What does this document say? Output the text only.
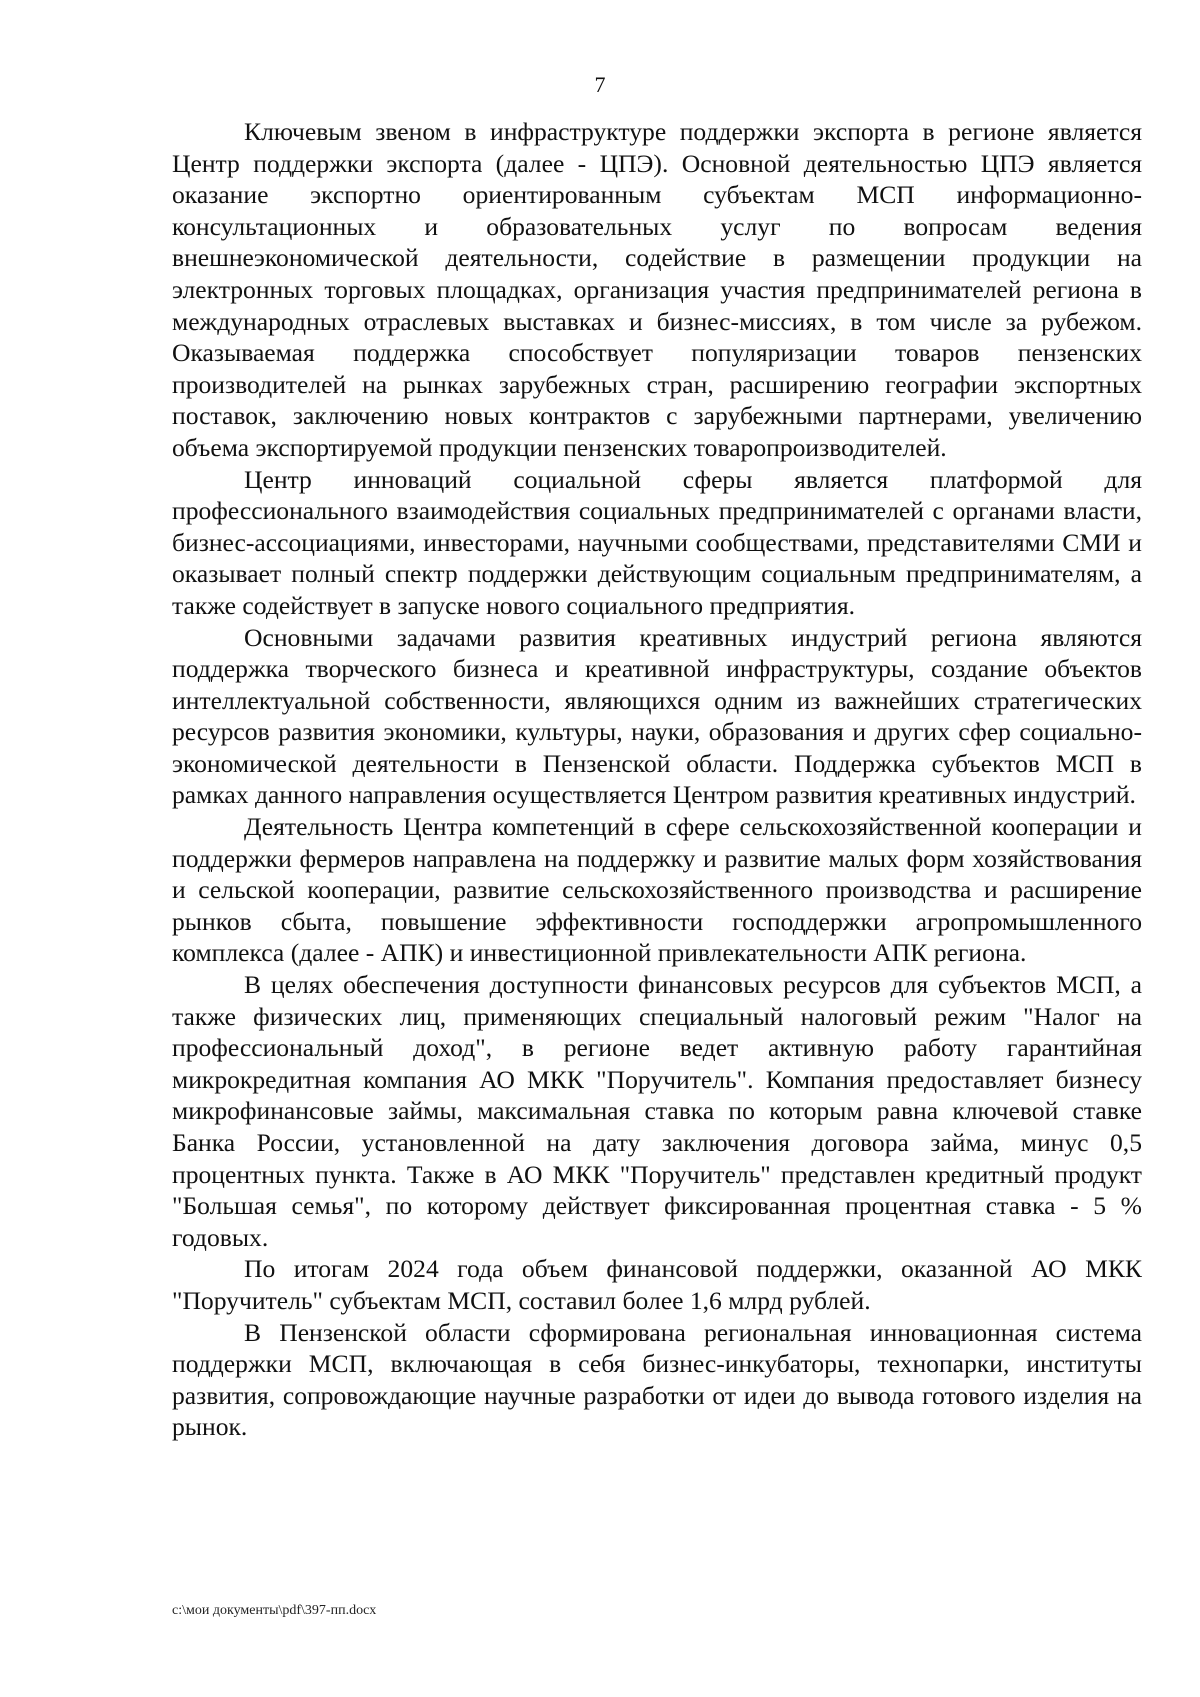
7

Ключевым звеном в инфраструктуре поддержки экспорта в регионе является Центр поддержки экспорта (далее - ЦПЭ). Основной деятельностью ЦПЭ является оказание экспортно ориентированным субъектам МСП информационно-консультационных и образовательных услуг по вопросам ведения внешнеэкономической деятельности, содействие в размещении продукции на электронных торговых площадках, организация участия предпринимателей региона в международных отраслевых выставках и бизнес-миссиях, в том числе за рубежом. Оказываемая поддержка способствует популяризации товаров пензенских производителей на рынках зарубежных стран, расширению географии экспортных поставок, заключению новых контрактов с зарубежными партнерами, увеличению объема экспортируемой продукции пензенских товаропроизводителей.

Центр инноваций социальной сферы является платформой для профессионального взаимодействия социальных предпринимателей с органами власти, бизнес-ассоциациями, инвесторами, научными сообществами, представителями СМИ и оказывает полный спектр поддержки действующим социальным предпринимателям, а также содействует в запуске нового социального предприятия.

Основными задачами развития креативных индустрий региона являются поддержка творческого бизнеса и креативной инфраструктуры, создание объектов интеллектуальной собственности, являющихся одним из важнейших стратегических ресурсов развития экономики, культуры, науки, образования и других сфер социально-экономической деятельности в Пензенской области. Поддержка субъектов МСП в рамках данного направления осуществляется Центром развития креативных индустрий.

Деятельность Центра компетенций в сфере сельскохозяйственной кооперации и поддержки фермеров направлена на поддержку и развитие малых форм хозяйствования и сельской кооперации, развитие сельскохозяйственного производства и расширение рынков сбыта, повышение эффективности господдержки агропромышленного комплекса (далее - АПК) и инвестиционной привлекательности АПК региона.

В целях обеспечения доступности финансовых ресурсов для субъектов МСП, а также физических лиц, применяющих специальный налоговый режим "Налог на профессиональный доход", в регионе ведет активную работу гарантийная микрокредитная компания АО МКК "Поручитель". Компания предоставляет бизнесу микрофинансовые займы, максимальная ставка по которым равна ключевой ставке Банка России, установленной на дату заключения договора займа, минус 0,5 процентных пункта. Также в АО МКК "Поручитель" представлен кредитный продукт "Большая семья", по которому действует фиксированная процентная ставка - 5 % годовых.

По итогам 2024 года объем финансовой поддержки, оказанной АО МКК "Поручитель" субъектам МСП, составил более 1,6 млрд рублей.

В Пензенской области сформирована региональная инновационная система поддержки МСП, включающая в себя бизнес-инкубаторы, технопарки, институты развития, сопровождающие научные разработки от идеи до вывода готового изделия на рынок.

c:\мои документы\pdf\397-пп.docx
